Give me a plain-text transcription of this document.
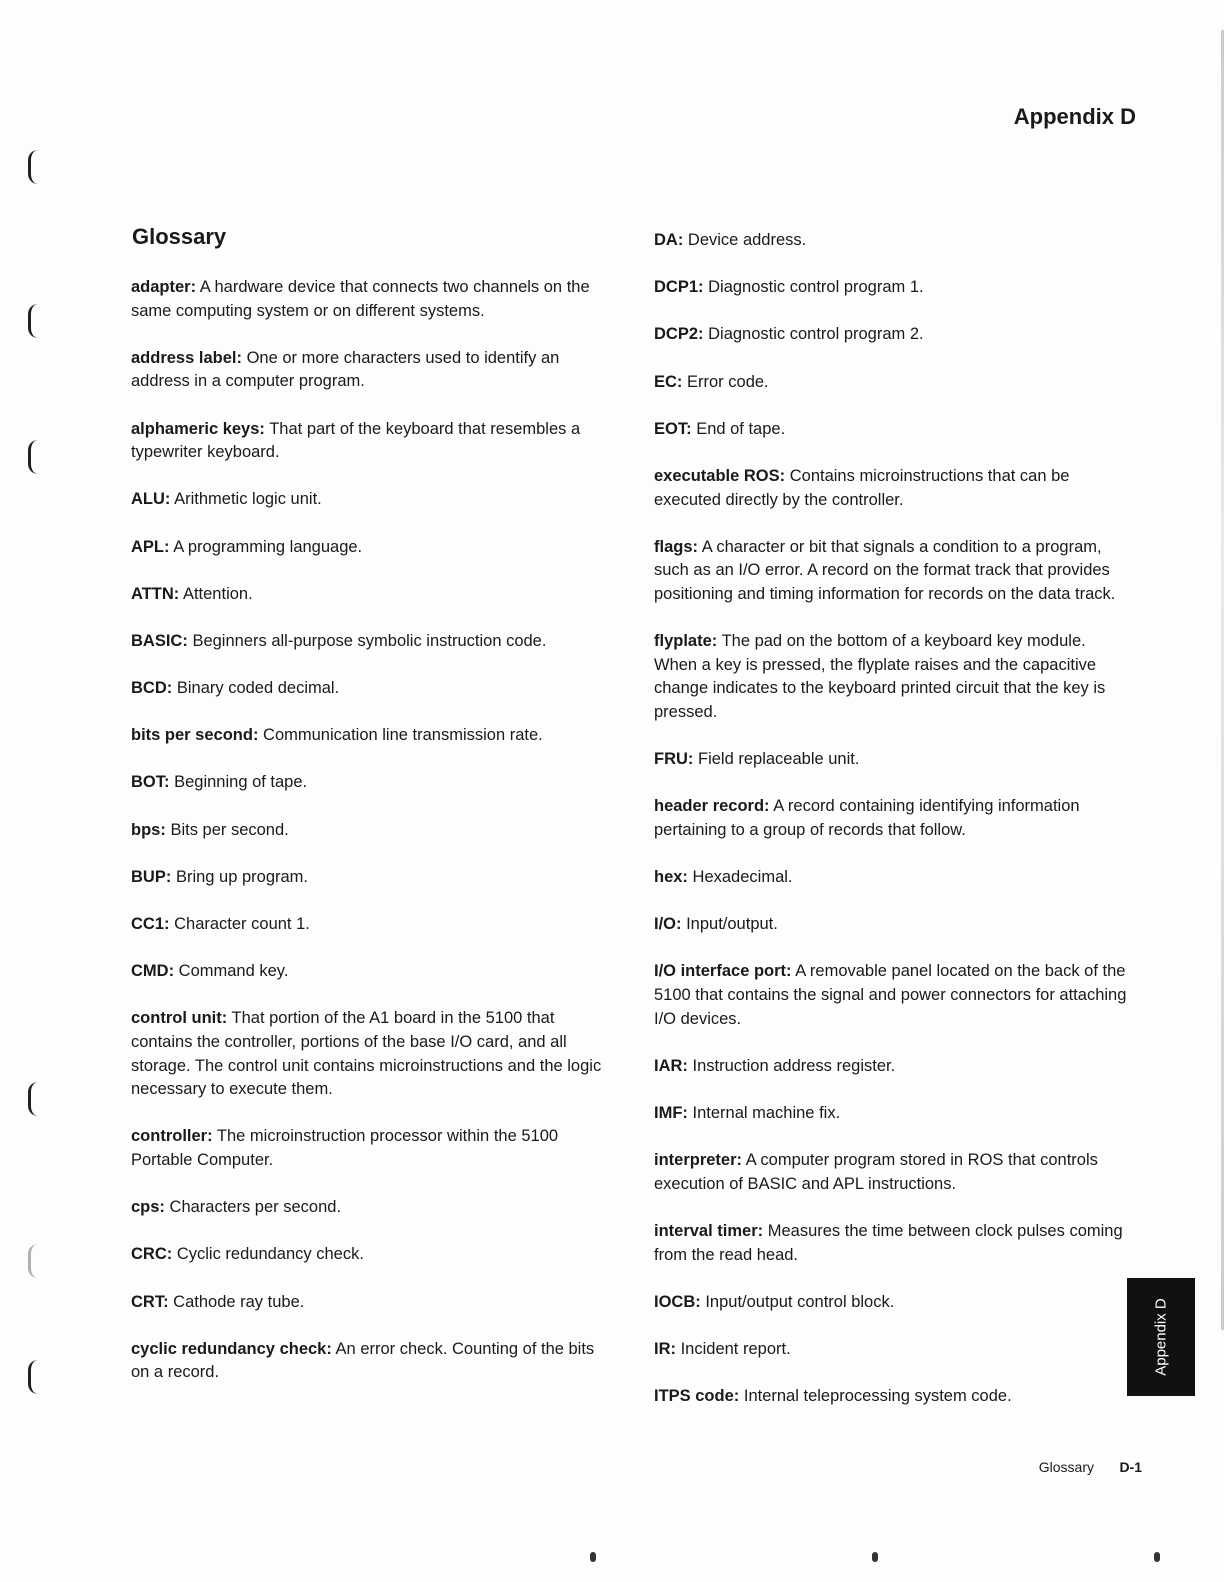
Appendix D
Glossary
adapter: A hardware device that connects two channels on the same computing system or on different systems.
address label: One or more characters used to identify an address in a computer program.
alphameric keys: That part of the keyboard that resembles a typewriter keyboard.
ALU: Arithmetic logic unit.
APL: A programming language.
ATTN: Attention.
BASIC: Beginners all-purpose symbolic instruction code.
BCD: Binary coded decimal.
bits per second: Communication line transmission rate.
BOT: Beginning of tape.
bps: Bits per second.
BUP: Bring up program.
CC1: Character count 1.
CMD: Command key.
control unit: That portion of the A1 board in the 5100 that contains the controller, portions of the base I/O card, and all storage. The control unit contains microinstructions and the logic necessary to execute them.
controller: The microinstruction processor within the 5100 Portable Computer.
cps: Characters per second.
CRC: Cyclic redundancy check.
CRT: Cathode ray tube.
cyclic redundancy check: An error check. Counting of the bits on a record.
DA: Device address.
DCP1: Diagnostic control program 1.
DCP2: Diagnostic control program 2.
EC: Error code.
EOT: End of tape.
executable ROS: Contains microinstructions that can be executed directly by the controller.
flags: A character or bit that signals a condition to a program, such as an I/O error. A record on the format track that provides positioning and timing information for records on the data track.
flyplate: The pad on the bottom of a keyboard key module. When a key is pressed, the flyplate raises and the capacitive change indicates to the keyboard printed circuit that the key is pressed.
FRU: Field replaceable unit.
header record: A record containing identifying information pertaining to a group of records that follow.
hex: Hexadecimal.
I/O: Input/output.
I/O interface port: A removable panel located on the back of the 5100 that contains the signal and power connectors for attaching I/O devices.
IAR: Instruction address register.
IMF: Internal machine fix.
interpreter: A computer program stored in ROS that controls execution of BASIC and APL instructions.
interval timer: Measures the time between clock pulses coming from the read head.
IOCB: Input/output control block.
IR: Incident report.
ITPS code: Internal teleprocessing system code.
Appendix D
Glossary D-1
